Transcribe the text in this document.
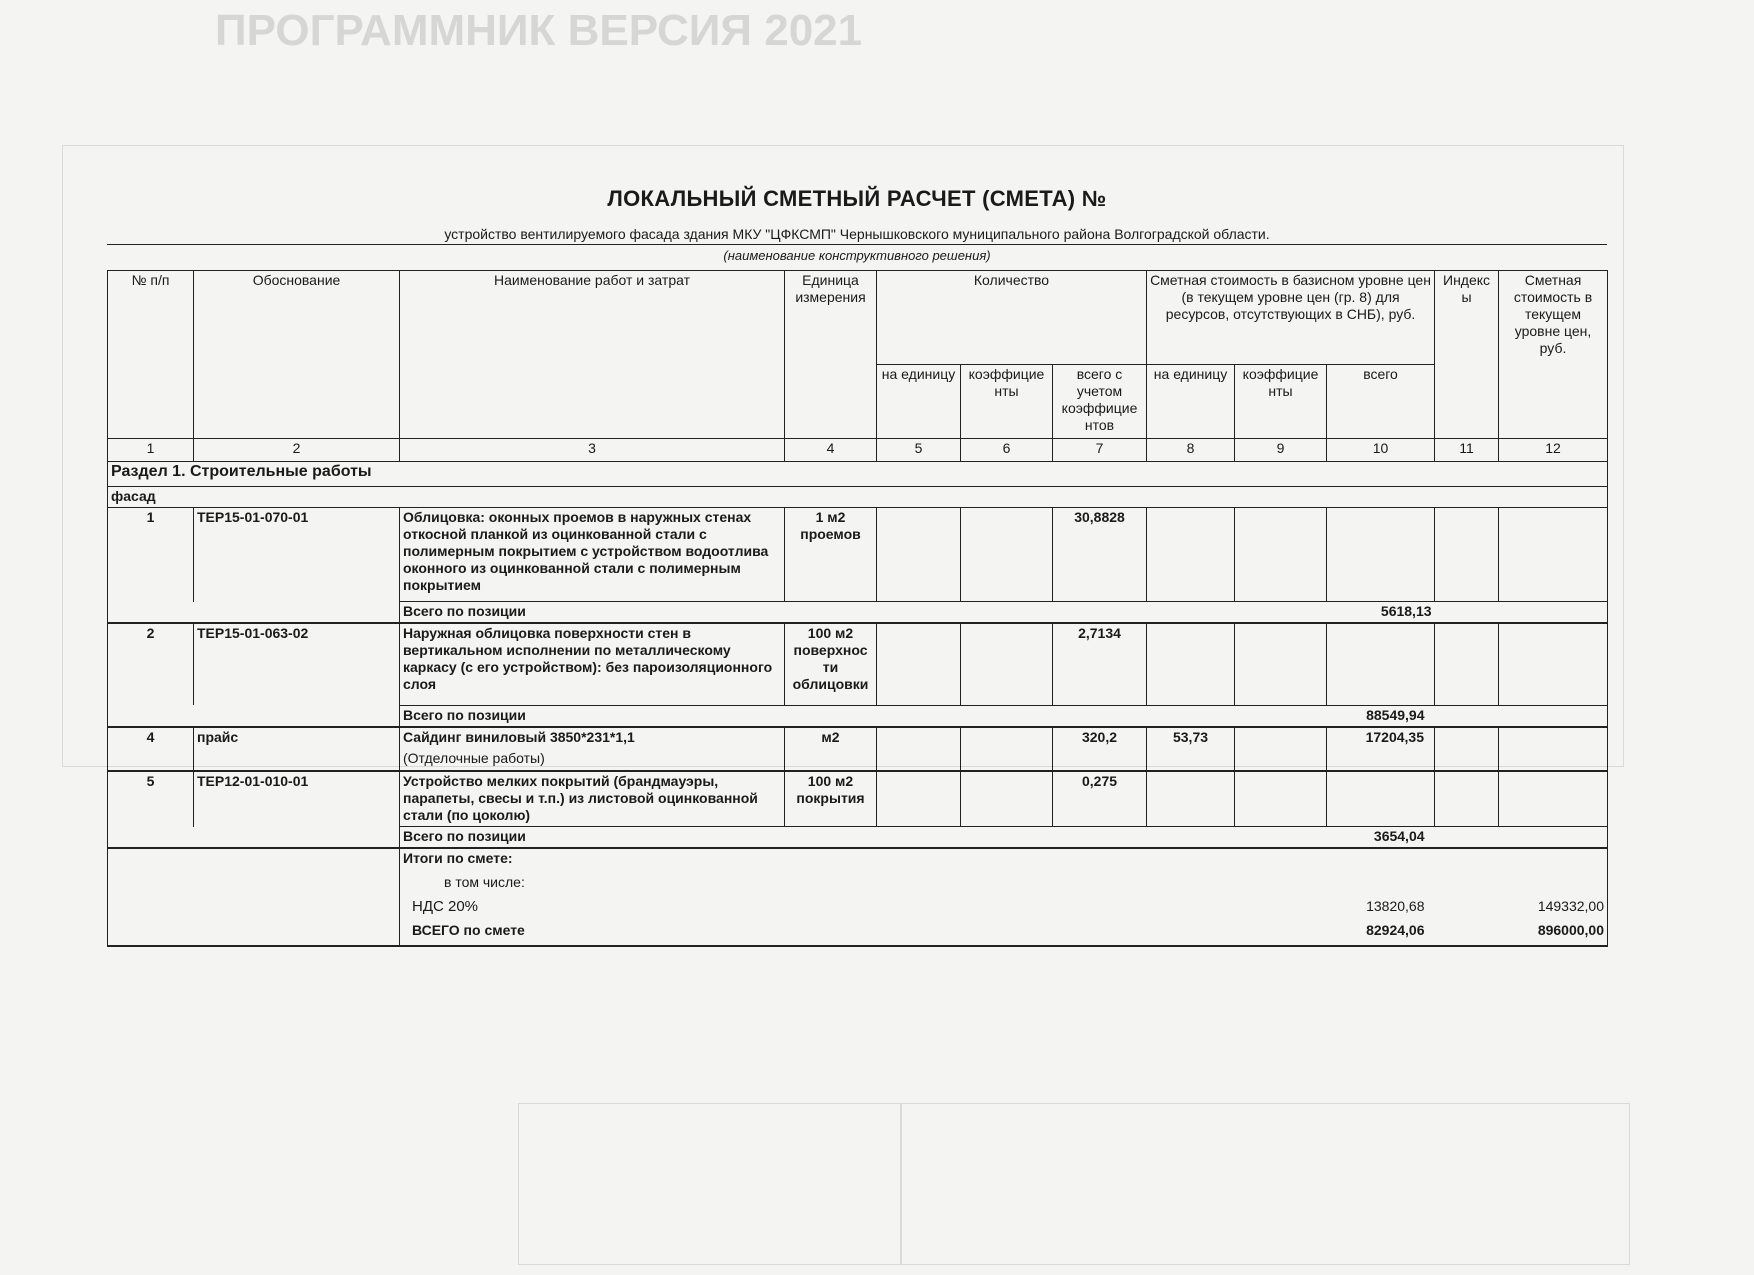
ПРОГРАММНИК ВЕРСИЯ 2021
ЛОКАЛЬНЫЙ СМЕТНЫЙ РАСЧЕТ (СМЕТА) №
устройство вентилируемого фасада здания МКУ "ЦФКСМП" Чернышковского муниципального района Волгоградской области.
(наименование конструктивного решения)
№ п/п	Обоснование	Наименование работ и затрат	Единица измерения	Количество			Сметная стоимость в базисном уровне цен (в текущем уровне цен (гр. 8) для ресурсов, отсутствующих в СНБ), руб.			Индекс ы	Сметная стоимость в текущем уровне цен, руб.
				на единицу	коэффицие нты	всего с учетом коэффицие нтов	на единицу	коэффицие нты	всего		
1	2	3	4	5	6	7	8	9	10	11	12
Раздел 1. Строительные работы											
фасад											
1	ТЕР15-01-070-01	Облицовка: оконных проемов в наружных стенах откосной планкой из оцинкованной стали с полимерным покрытием с устройством водоотлива оконного из оцинкованной стали с полимерным покрытием	1 м2 проемов			30,8828					
		Всего по позиции							5618,13		
2	ТЕР15-01-063-02	Наружная облицовка поверхности стен в вертикальном исполнении по металлическому каркасу (с его устройством): без пароизоляционного слоя	100 м2 поверхнос ти облицовки			2,7134					
		Всего по позиции							88549,94		
4	прайс	Сайдинг виниловый 3850*231*1,1	м2			320,2	53,73		17204,35		
		(Отделочные работы)									
5	ТЕР12-01-010-01	Устройство мелких покрытий (брандмауэры, парапеты, свесы и т.п.) из листовой оцинкованной стали (по цоколю)	100 м2 покрытия			0,275					
		Всего по позиции							3654,04		
		Итоги по смете:									
		в том числе:									
		НДС 20%							13820,68		149332,00
		ВСЕГО по смете							82924,06		896000,00
